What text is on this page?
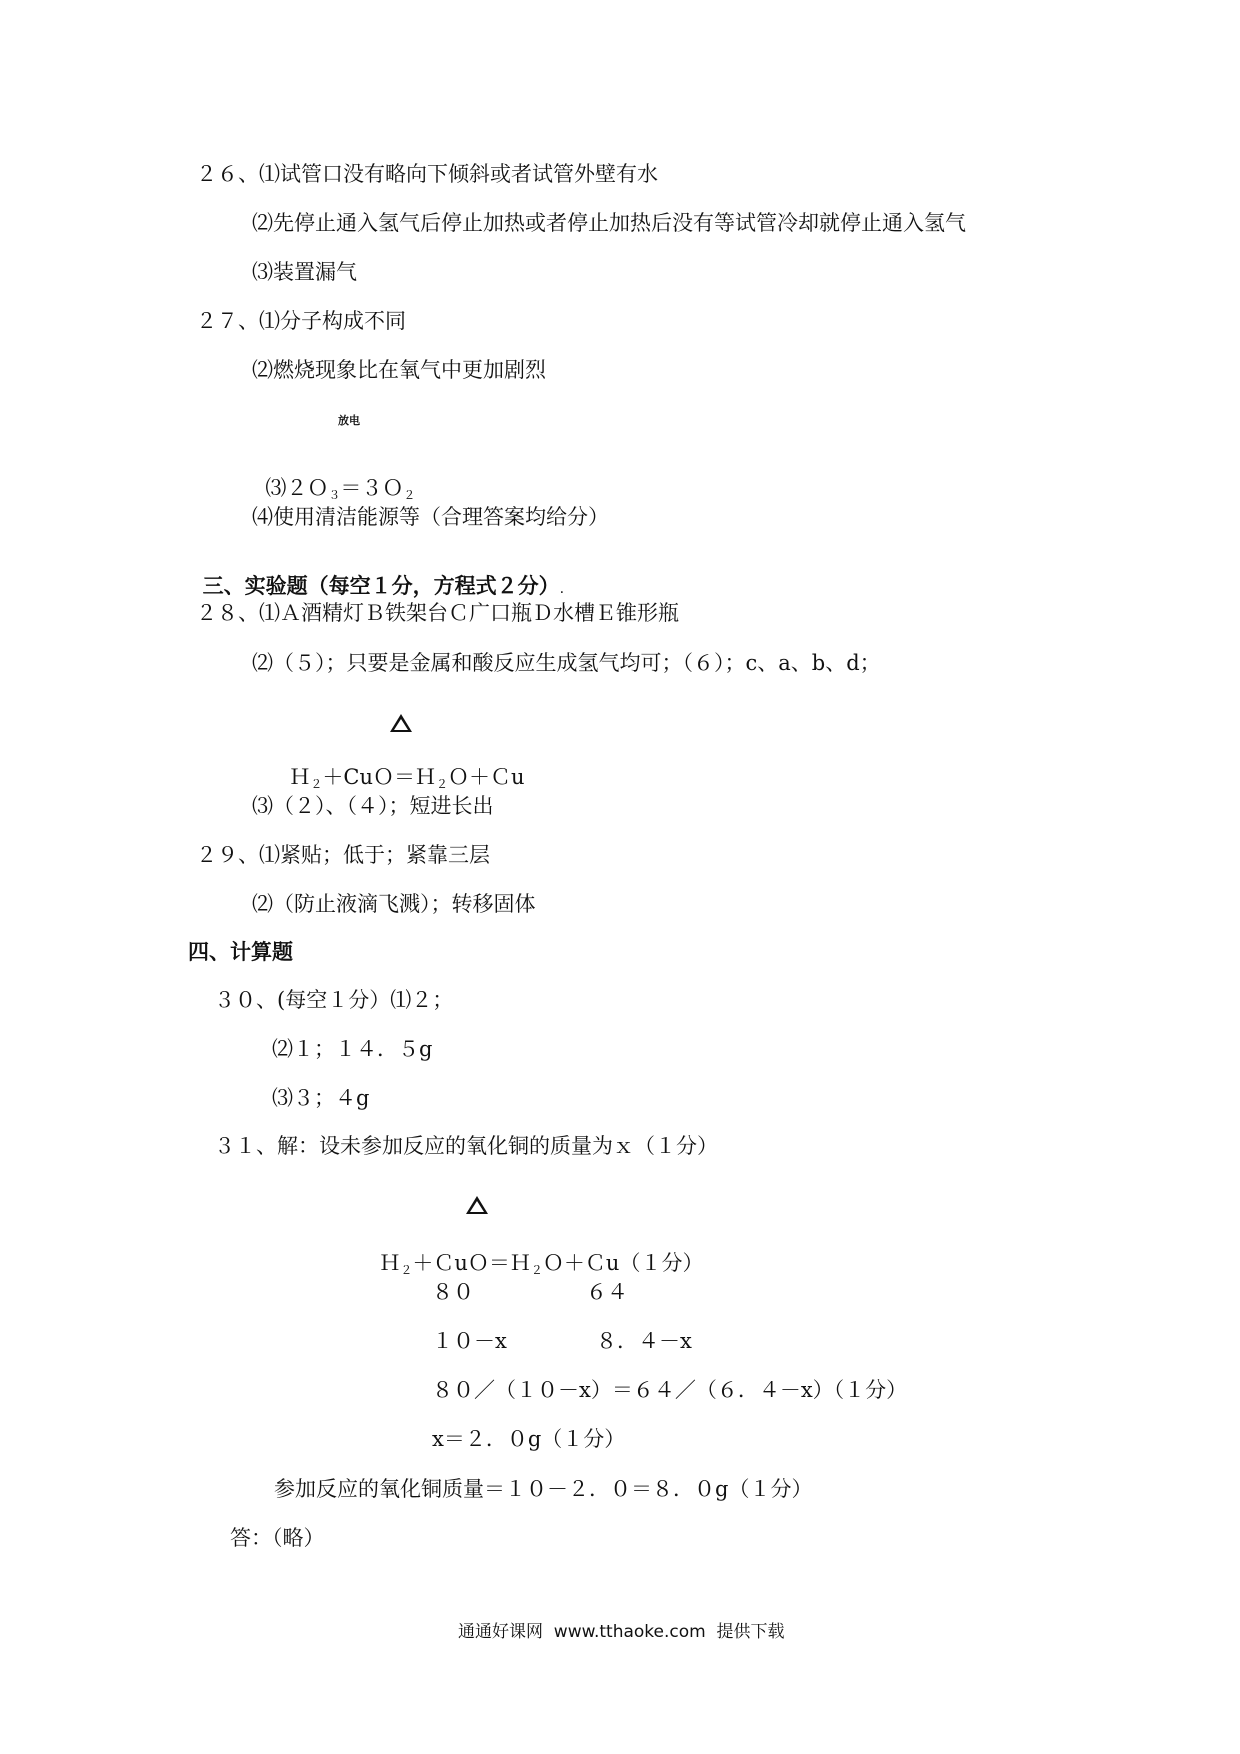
２６、⑴试管口没有略向下倾斜或者试管外壁有水
⑵先停止通入氢气后停止加热或者停止加热后没有等试管冷却就停止通入氢气
⑶装置漏气
２７、⑴分子构成不同
⑵燃烧现象比在氧气中更加剧烈
放电

⑶２Ｏ３＝３Ｏ２

⑷使用清洁能源等（合理答案均给分）

三、实验题（每空１分，方程式２分）.

２８、⑴Ａ酒精灯Ｂ铁架台Ｃ广口瓶Ｄ水槽Ｅ锥形瓶
⑵（５）；只要是金属和酸反应生成氢气均可；（６）；c、a、b、d；

Ｈ２＋CuＯ＝Ｈ２Ｏ＋Ｃu

⑶（２）、（４）；短进长出
２９、⑴紧贴；低于；紧靠三层
⑵（防止液滴飞溅）；转移固体
四、计算题
３０、(每空１分）⑴２；
⑵１；１４．５g
⑶３；４g
３１、解：设未参加反应的氧化铜的质量为ｘ（１分）

Ｈ２＋ＣuＯ＝Ｈ２Ｏ＋Ｃu（１分）

８０	６４
１０－x	８．４－x
８０／（１０－x）＝６４／（６．４－x）（１分）
x＝２．０g（１分）
参加反应的氧化铜质量＝１０－２．０＝８．０g（１分）
答：（略）
通通好课网  www.tthaoke.com  提供下载
